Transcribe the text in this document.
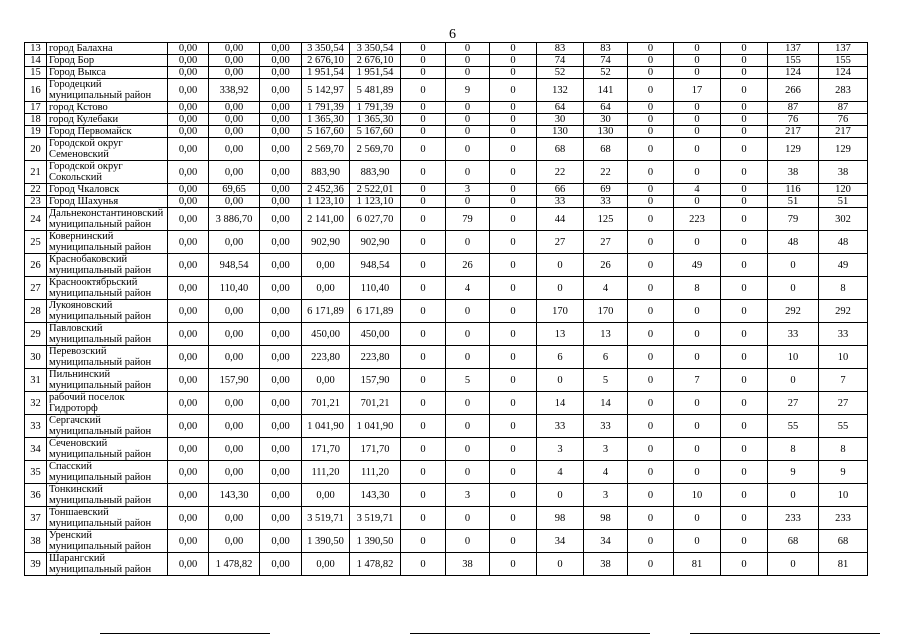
6
13	город Балахна	0,00	0,00	0,00	3 350,54	3 350,54	0	0	0	83	83	0	0	0	137	137
14	Город Бор	0,00	0,00	0,00	2 676,10	2 676,10	0	0	0	74	74	0	0	0	155	155
15	Город Выкса	0,00	0,00	0,00	1 951,54	1 951,54	0	0	0	52	52	0	0	0	124	124
16	Городецкий муниципальный район	0,00	338,92	0,00	5 142,97	5 481,89	0	9	0	132	141	0	17	0	266	283
17	город Кстово	0,00	0,00	0,00	1 791,39	1 791,39	0	0	0	64	64	0	0	0	87	87
18	город Кулебаки	0,00	0,00	0,00	1 365,30	1 365,30	0	0	0	30	30	0	0	0	76	76
19	Город Первомайск	0,00	0,00	0,00	5 167,60	5 167,60	0	0	0	130	130	0	0	0	217	217
20	Городской округ Семеновский	0,00	0,00	0,00	2 569,70	2 569,70	0	0	0	68	68	0	0	0	129	129
21	Городской округ Сокольский	0,00	0,00	0,00	883,90	883,90	0	0	0	22	22	0	0	0	38	38
22	Город Чкаловск	0,00	69,65	0,00	2 452,36	2 522,01	0	3	0	66	69	0	4	0	116	120
23	Город Шахунья	0,00	0,00	0,00	1 123,10	1 123,10	0	0	0	33	33	0	0	0	51	51
24	Дальнеконстантиновский муниципальный район	0,00	3 886,70	0,00	2 141,00	6 027,70	0	79	0	44	125	0	223	0	79	302
25	Ковернинский муниципальный район	0,00	0,00	0,00	902,90	902,90	0	0	0	27	27	0	0	0	48	48
26	Краснобаковский муниципальный район	0,00	948,54	0,00	0,00	948,54	0	26	0	0	26	0	49	0	0	49
27	Краснооктябрьский муниципальный район	0,00	110,40	0,00	0,00	110,40	0	4	0	0	4	0	8	0	0	8
28	Лукояновский муниципальный район	0,00	0,00	0,00	6 171,89	6 171,89	0	0	0	170	170	0	0	0	292	292
29	Павловский муниципальный район	0,00	0,00	0,00	450,00	450,00	0	0	0	13	13	0	0	0	33	33
30	Перевозский муниципальный район	0,00	0,00	0,00	223,80	223,80	0	0	0	6	6	0	0	0	10	10
31	Пильнинский муниципальный район	0,00	157,90	0,00	0,00	157,90	0	5	0	0	5	0	7	0	0	7
32	рабочий поселок Гидроторф	0,00	0,00	0,00	701,21	701,21	0	0	0	14	14	0	0	0	27	27
33	Сергачский муниципальный район	0,00	0,00	0,00	1 041,90	1 041,90	0	0	0	33	33	0	0	0	55	55
34	Сеченовский муниципальный район	0,00	0,00	0,00	171,70	171,70	0	0	0	3	3	0	0	0	8	8
35	Спасский муниципальный район	0,00	0,00	0,00	111,20	111,20	0	0	0	4	4	0	0	0	9	9
36	Тонкинский муниципальный район	0,00	143,30	0,00	0,00	143,30	0	3	0	0	3	0	10	0	0	10
37	Тоншаевский муниципальный район	0,00	0,00	0,00	3 519,71	3 519,71	0	0	0	98	98	0	0	0	233	233
38	Уренский муниципальный район	0,00	0,00	0,00	1 390,50	1 390,50	0	0	0	34	34	0	0	0	68	68
39	Шарангский муниципальный район	0,00	1 478,82	0,00	0,00	1 478,82	0	38	0	0	38	0	81	0	0	81
